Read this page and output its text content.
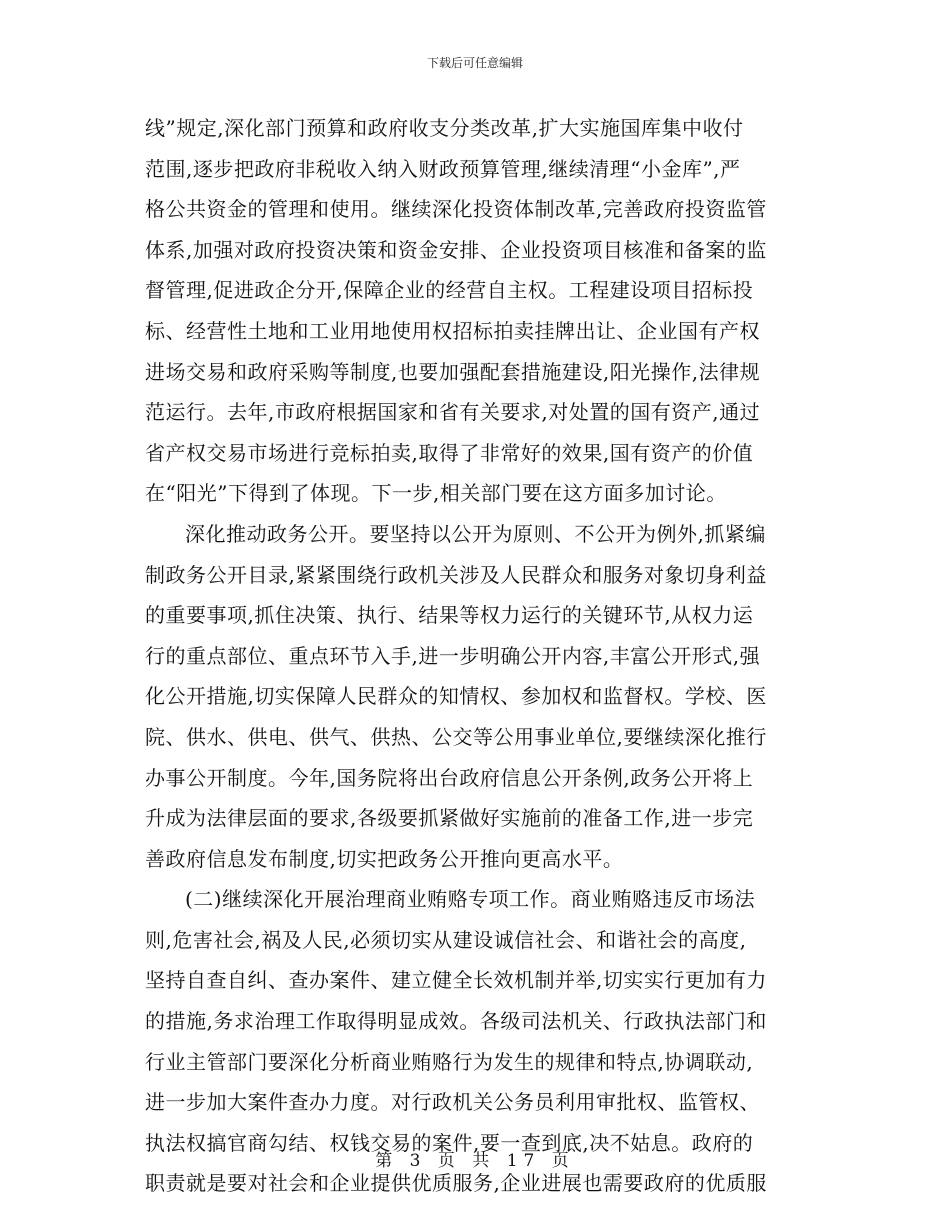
下载后可任意编辑
线”规定,深化部门预算和政府收支分类改革,扩大实施国库集中收付
范围,逐步把政府非税收入纳入财政预算管理,继续清理“小金库”,严
格公共资金的管理和使用。继续深化投资体制改革,完善政府投资监管
体系,加强对政府投资决策和资金安排、企业投资项目核准和备案的监
督管理,促进政企分开,保障企业的经营自主权。工程建设项目招标投
标、经营性土地和工业用地使用权招标拍卖挂牌出让、企业国有产权
进场交易和政府采购等制度,也要加强配套措施建设,阳光操作,法律规
范运行。去年,市政府根据国家和省有关要求,对处置的国有资产,通过
省产权交易市场进行竞标拍卖,取得了非常好的效果,国有资产的价值
在“阳光”下得到了体现。下一步,相关部门要在这方面多加讨论。
深化推动政务公开。要坚持以公开为原则、不公开为例外,抓紧编
制政务公开目录,紧紧围绕行政机关涉及人民群众和服务对象切身利益
的重要事项,抓住决策、执行、结果等权力运行的关键环节,从权力运
行的重点部位、重点环节入手,进一步明确公开内容,丰富公开形式,强
化公开措施,切实保障人民群众的知情权、参加权和监督权。学校、医
院、供水、供电、供气、供热、公交等公用事业单位,要继续深化推行
办事公开制度。今年,国务院将出台政府信息公开条例,政务公开将上
升成为法律层面的要求,各级要抓紧做好实施前的准备工作,进一步完
善政府信息发布制度,切实把政务公开推向更高水平。
(二)继续深化开展治理商业贿赂专项工作。商业贿赂违反市场法
则,危害社会,祸及人民,必须切实从建设诚信社会、和谐社会的高度,
坚持自查自纠、查办案件、建立健全长效机制并举,切实实行更加有力
的措施,务求治理工作取得明显成效。各级司法机关、行政执法部门和
行业主管部门要深化分析商业贿赂行为发生的规律和特点,协调联动,
进一步加大案件查办力度。对行政机关公务员利用审批权、监管权、
执法权搞官商勾结、权钱交易的案件,要一查到底,决不姑息。政府的
职责就是要对社会和企业提供优质服务,企业进展也需要政府的优质服
第 3 页 共 17 页
